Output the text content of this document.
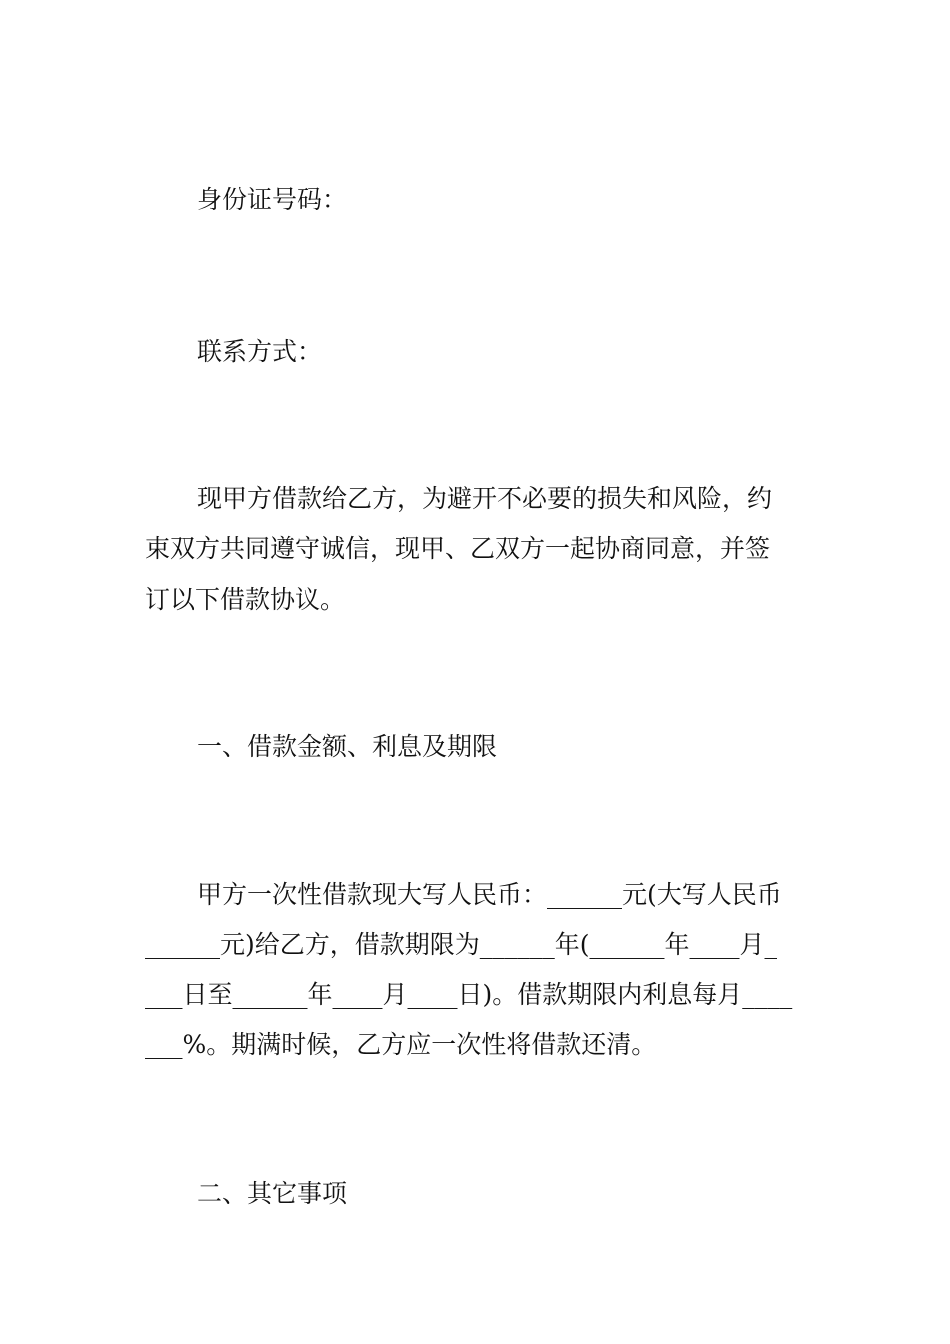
身份证号码：

联系方式：

现甲方借款给乙方，为避开不必要的损失和风险，约

束双方共同遵守诚信，现甲、乙双方一起协商同意，并签

订以下借款协议。

一、借款金额、利息及期限

甲方一次性借款现大写人民币：______元(大写人民币

______元)给乙方，借款期限为______年(______年____月_

___日至______年____月____日)。借款期限内利息每月____

___%。期满时候，乙方应一次性将借款还清。

二、其它事项
